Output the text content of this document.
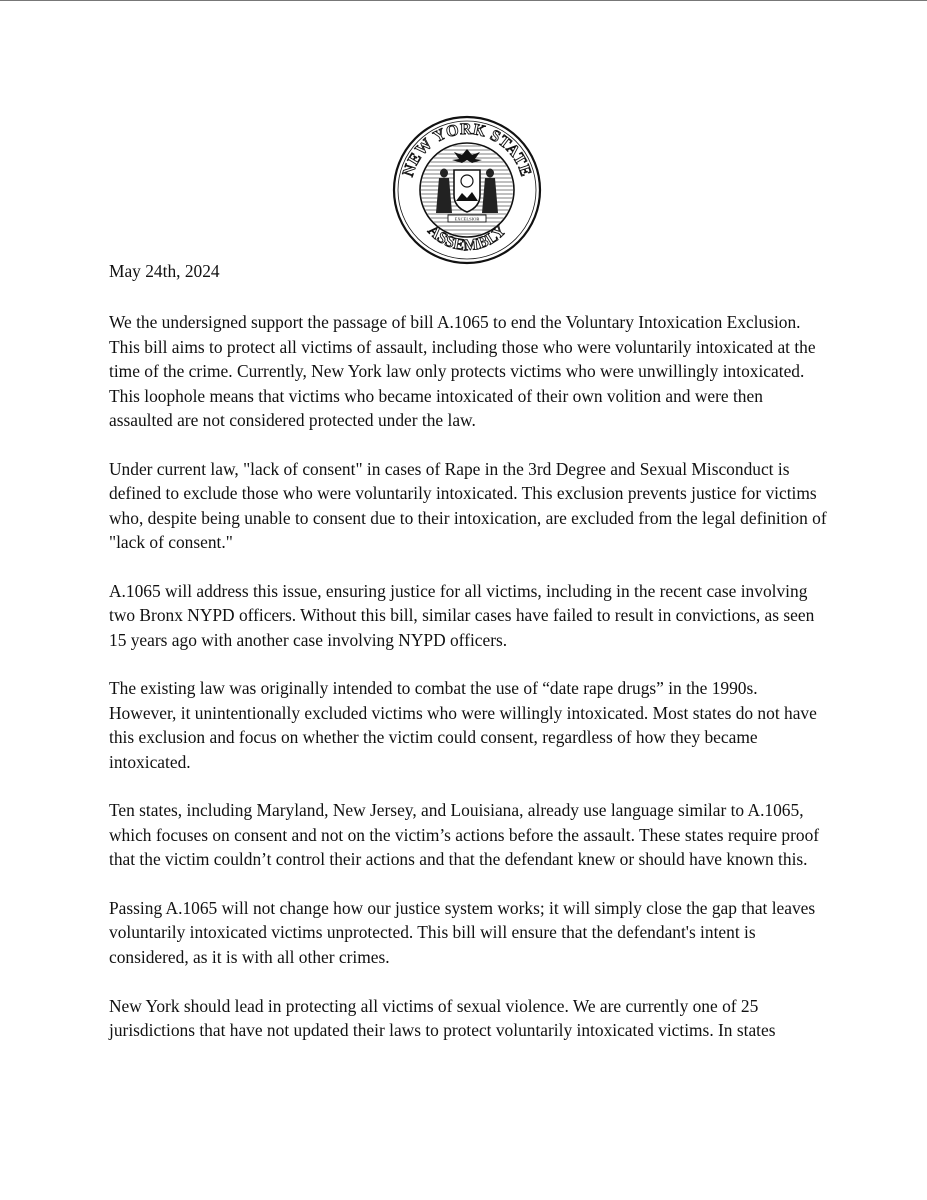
EXCELSIOR
NEW YORK STATE
ASSEMBLY

May 24th, 2024

We the undersigned support the passage of bill A.1065 to end the Voluntary Intoxication Exclusion. This bill aims to protect all victims of assault, including those who were voluntarily intoxicated at the time of the crime. Currently, New York law only protects victims who were unwillingly intoxicated. This loophole means that victims who became intoxicated of their own volition and were then assaulted are not considered protected under the law.

Under current law, "lack of consent" in cases of Rape in the 3rd Degree and Sexual Misconduct is defined to exclude those who were voluntarily intoxicated. This exclusion prevents justice for victims who, despite being unable to consent due to their intoxication, are excluded from the legal definition of "lack of consent."

A.1065 will address this issue, ensuring justice for all victims, including in the recent case involving two Bronx NYPD officers. Without this bill, similar cases have failed to result in convictions, as seen 15 years ago with another case involving NYPD officers.

The existing law was originally intended to combat the use of “date rape drugs” in the 1990s. However, it unintentionally excluded victims who were willingly intoxicated. Most states do not have this exclusion and focus on whether the victim could consent, regardless of how they became intoxicated.

Ten states, including Maryland, New Jersey, and Louisiana, already use language similar to A.1065, which focuses on consent and not on the victim’s actions before the assault. These states require proof that the victim couldn’t control their actions and that the defendant knew or should have known this.

Passing A.1065 will not change how our justice system works; it will simply close the gap that leaves voluntarily intoxicated victims unprotected. This bill will ensure that the defendant's intent is considered, as it is with all other crimes.

New York should lead in protecting all victims of sexual violence. We are currently one of 25 jurisdictions that have not updated their laws to protect voluntarily intoxicated victims. In states
